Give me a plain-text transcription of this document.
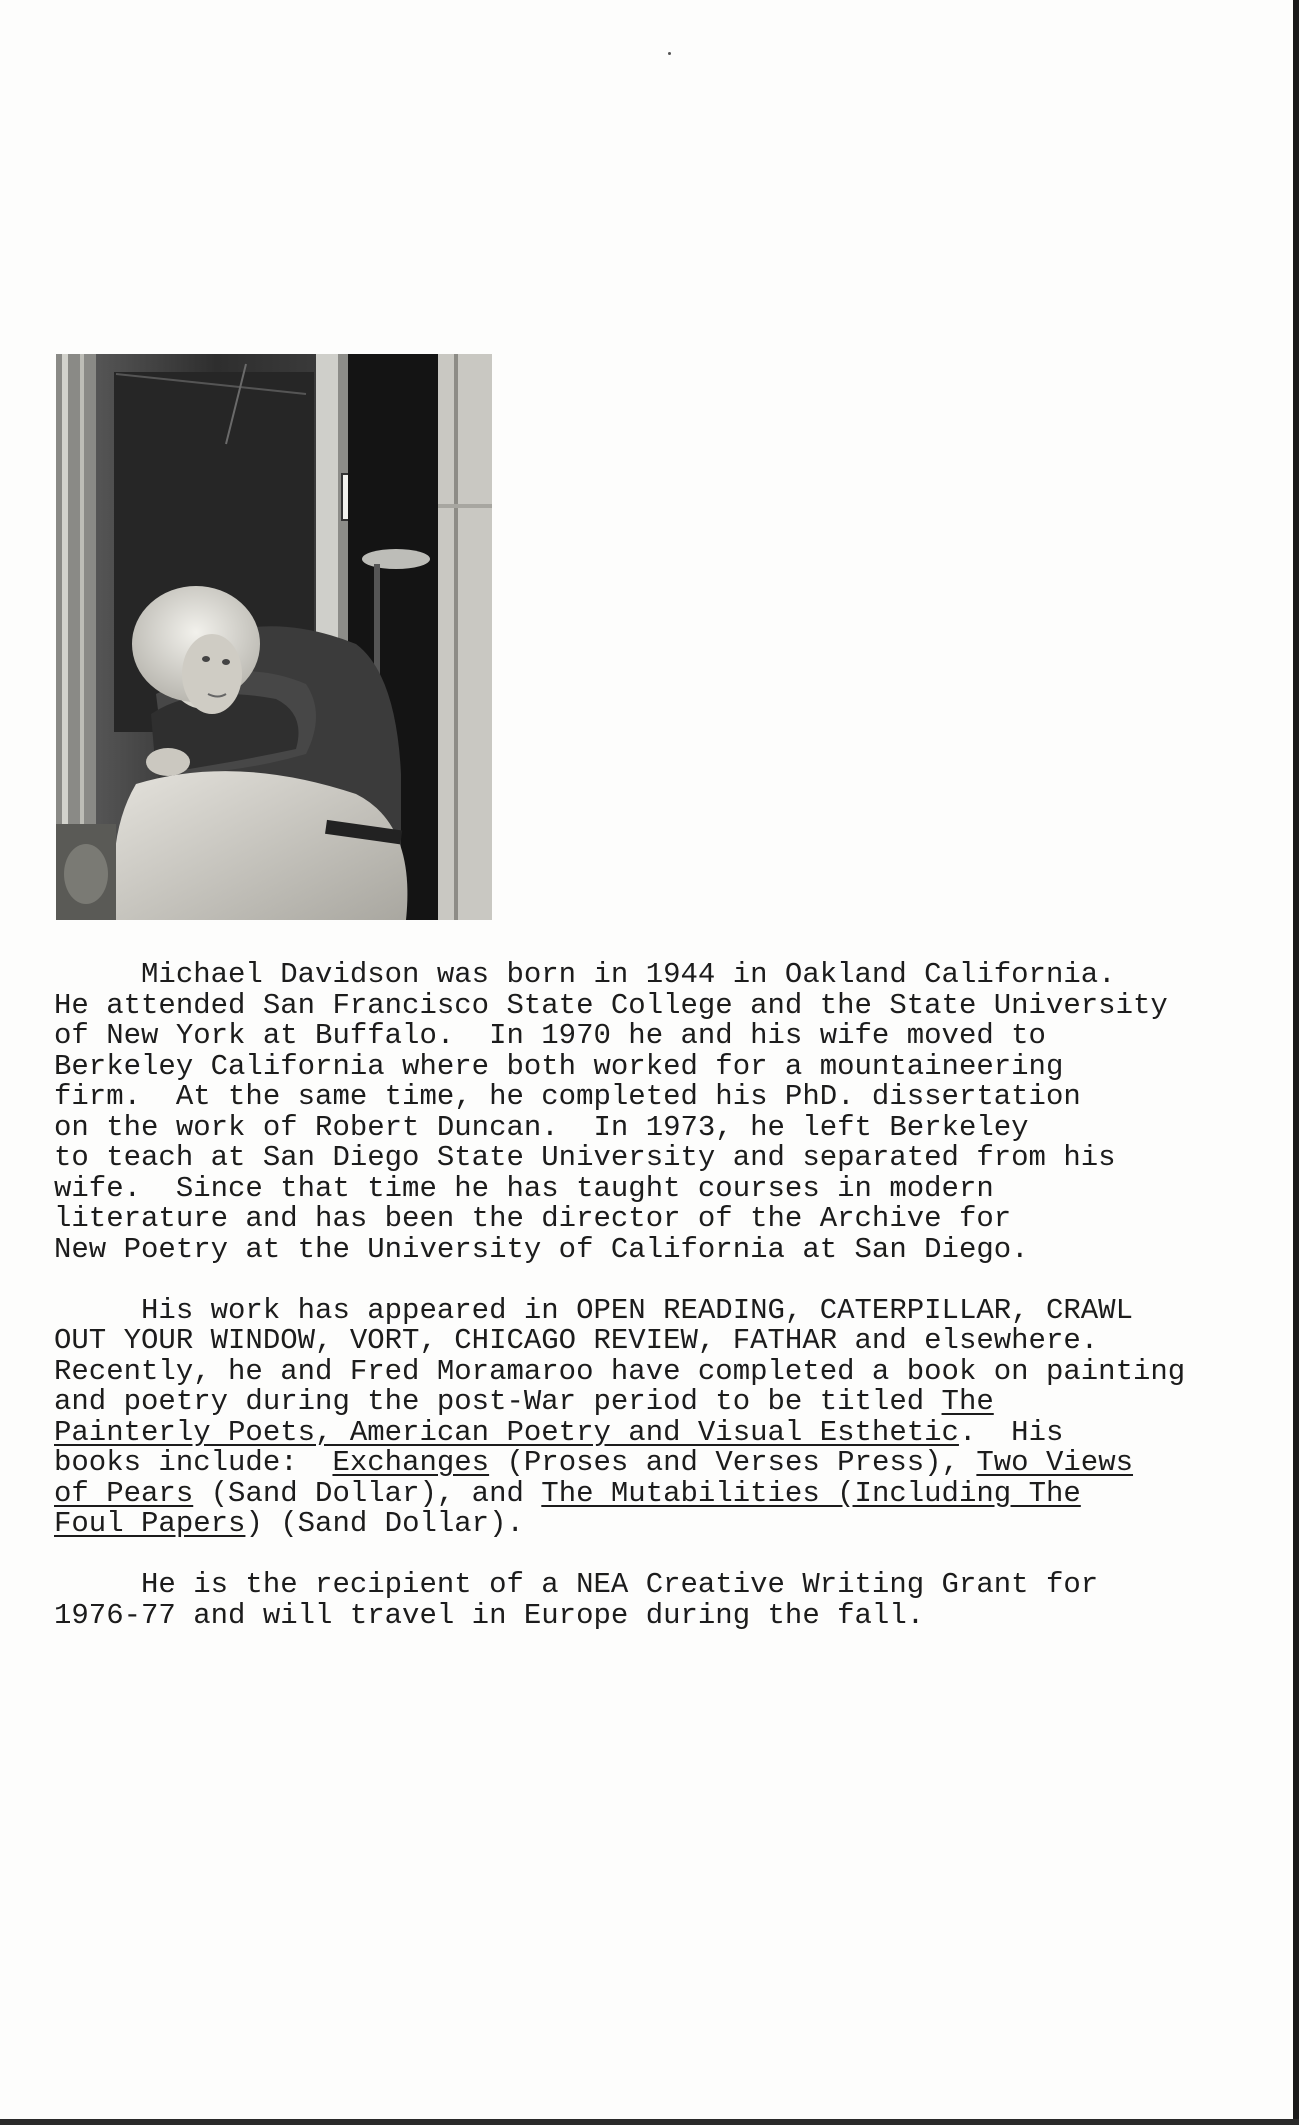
Michael Davidson was born in 1944 in Oakland California.
He attended San Francisco State College and the State University
of New York at Buffalo.  In 1970 he and his wife moved to
Berkeley California where both worked for a mountaineering
firm.  At the same time, he completed his PhD. dissertation
on the work of Robert Duncan.  In 1973, he left Berkeley
to teach at San Diego State University and separated from his
wife.  Since that time he has taught courses in modern
literature and has been the director of the Archive for
New Poetry at the University of California at San Diego.

His work has appeared in OPEN READING, CATERPILLAR, CRAWL
OUT YOUR WINDOW, VORT, CHICAGO REVIEW, FATHAR and elsewhere.
Recently, he and Fred Moramaroo have completed a book on painting
and poetry during the post-War period to be titled The
Painterly Poets, American Poetry and Visual Esthetic.  His
books include:  Exchanges (Proses and Verses Press), Two Views
of Pears (Sand Dollar), and The Mutabilities (Including The
Foul Papers) (Sand Dollar).

He is the recipient of a NEA Creative Writing Grant for
1976-77 and will travel in Europe during the fall.
